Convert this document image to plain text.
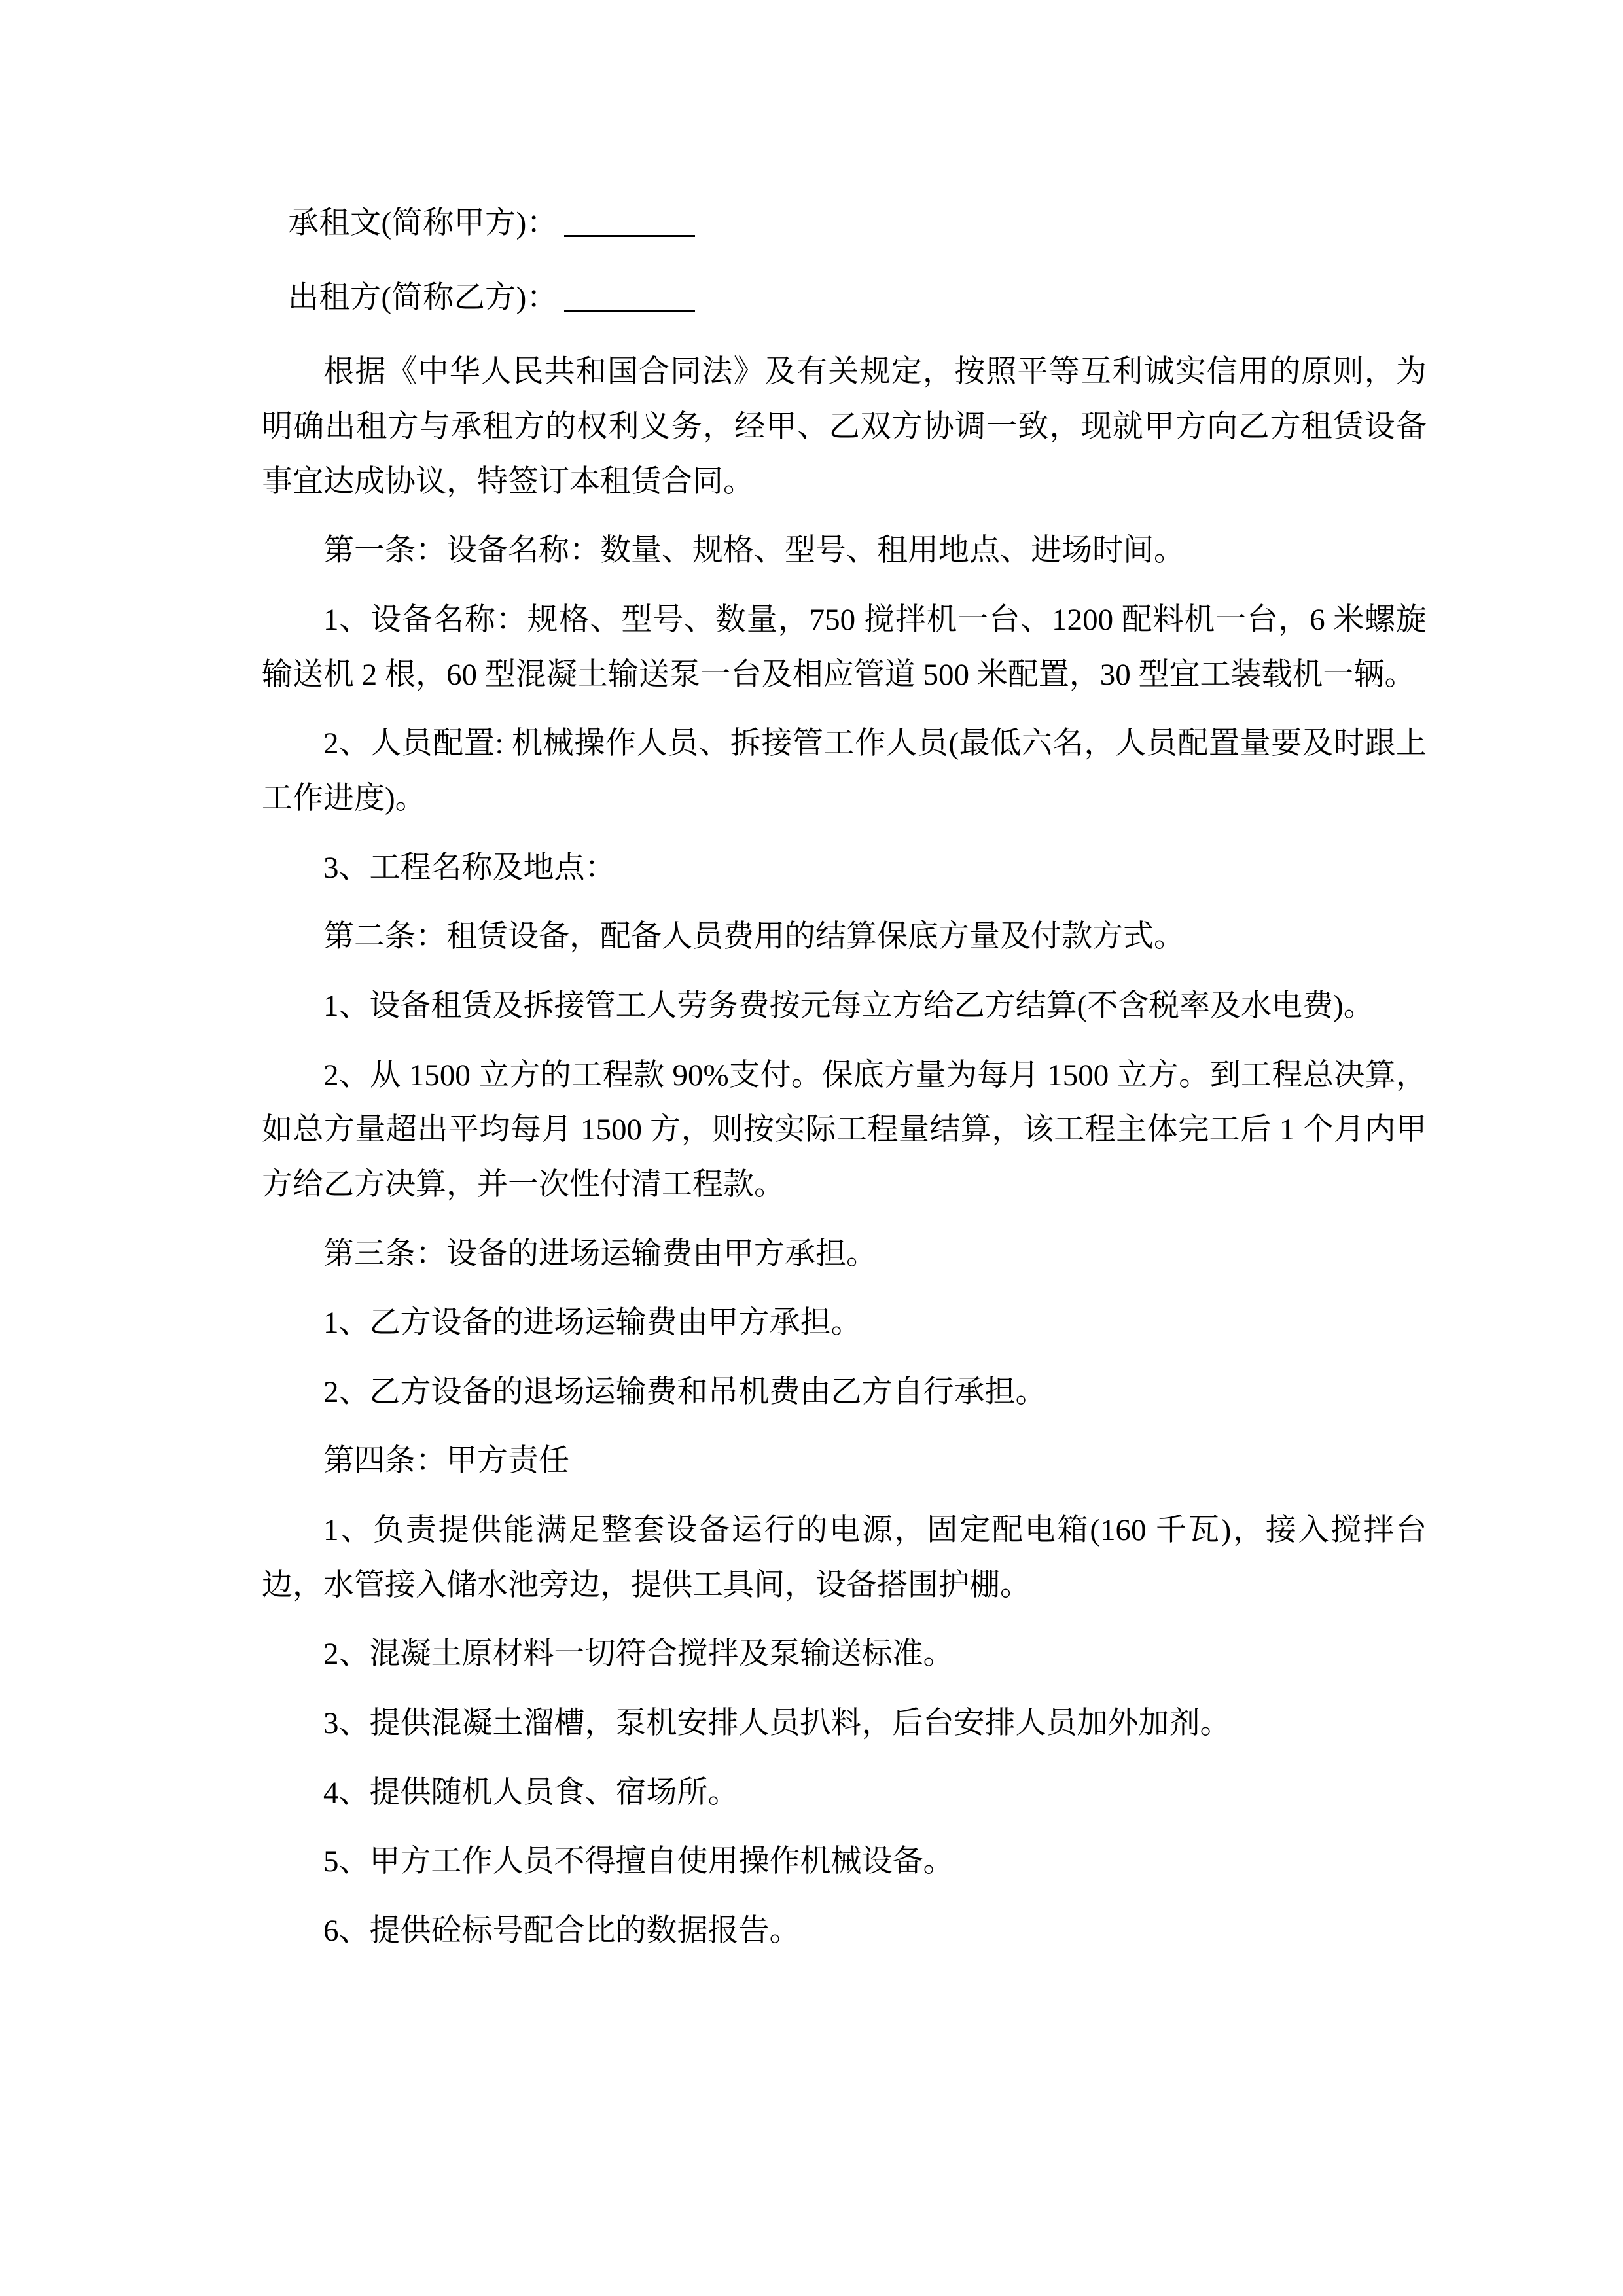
承租文(简称甲方)：

出租方(简称乙方)：

根据《中华人民共和国合同法》及有关规定，按照平等互利诚实信用的原则，为明确出租方与承租方的权利义务，经甲、乙双方协调一致，现就甲方向乙方租赁设备事宜达成协议，特签订本租赁合同。

第一条：设备名称：数量、规格、型号、租用地点、进场时间。

1、设备名称：规格、型号、数量，750 搅拌机一台、1200 配料机一台，6 米螺旋输送机 2 根，60 型混凝土输送泵一台及相应管道 500 米配置，30 型宜工装载机一辆。

2、人员配置: 机械操作人员、拆接管工作人员(最低六名，人员配置量要及时跟上工作进度)。

3、工程名称及地点：

第二条：租赁设备，配备人员费用的结算保底方量及付款方式。

1、设备租赁及拆接管工人劳务费按元每立方给乙方结算(不含税率及水电费)。

2、从 1500 立方的工程款 90%支付。保底方量为每月 1500 立方。到工程总决算，如总方量超出平均每月 1500 方，则按实际工程量结算，该工程主体完工后 1 个月内甲方给乙方决算，并一次性付清工程款。

第三条：设备的进场运输费由甲方承担。

1、乙方设备的进场运输费由甲方承担。

2、乙方设备的退场运输费和吊机费由乙方自行承担。

第四条：甲方责任

1、负责提供能满足整套设备运行的电源，固定配电箱(160 千瓦)，接入搅拌台边，水管接入储水池旁边，提供工具间，设备搭围护棚。

2、混凝土原材料一切符合搅拌及泵输送标准。

3、提供混凝土溜槽，泵机安排人员扒料，后台安排人员加外加剂。

4、提供随机人员食、宿场所。

5、甲方工作人员不得擅自使用操作机械设备。

6、提供砼标号配合比的数据报告。
